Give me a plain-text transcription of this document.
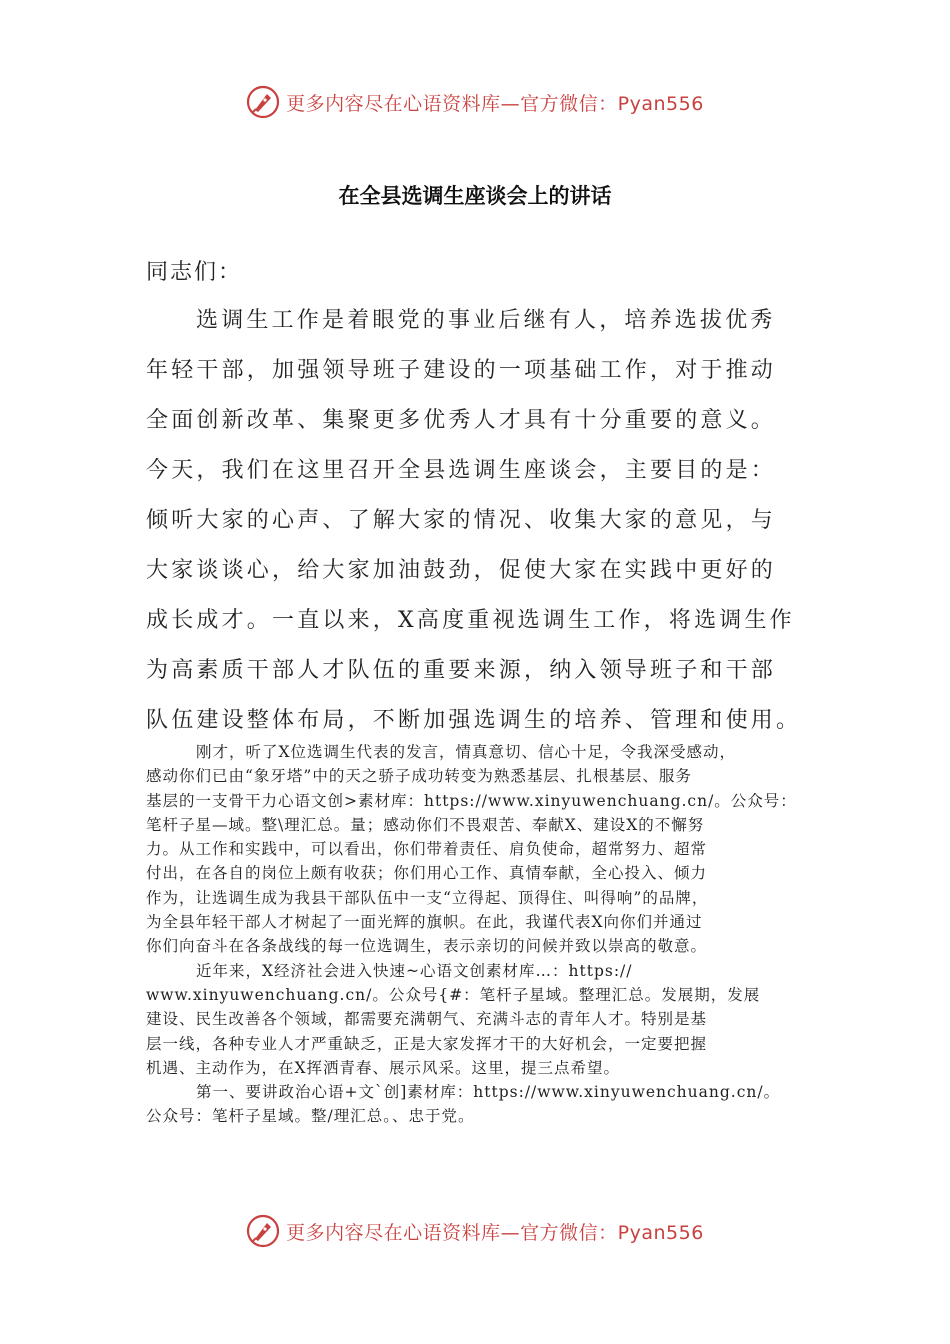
更多内容尽在心语资料库—官方微信：Pyan556
在全县选调生座谈会上的讲话
同志们：
选调生工作是着眼党的事业后继有人，培养选拔优秀
年轻干部，加强领导班子建设的一项基础工作，对于推动
全面创新改革、集聚更多优秀人才具有十分重要的意义。
今天，我们在这里召开全县选调生座谈会，主要目的是：
倾听大家的心声、了解大家的情况、收集大家的意见，与
大家谈谈心，给大家加油鼓劲，促使大家在实践中更好的
成长成才。一直以来，X高度重视选调生工作，将选调生作
为高素质干部人才队伍的重要来源，纳入领导班子和干部
队伍建设整体布局，不断加强选调生的培养、管理和使用。
刚才，听了X位选调生代表的发言，情真意切、信心十足，令我深受感动，
感动你们已由“象牙塔”中的天之骄子成功转变为熟悉基层、扎根基层、服务
基层的一支骨干力心语文创>素材库：https://www.xinyuwenchuang.cn/。公众号：
笔杆子星—域。整\理汇总。量；感动你们不畏艰苦、奉献X、建设X的不懈努
力。从工作和实践中，可以看出，你们带着责任、肩负使命，超常努力、超常
付出，在各自的岗位上颇有收获；你们用心工作、真情奉献，全心投入、倾力
作为，让选调生成为我县干部队伍中一支“立得起、顶得住、叫得响”的品牌，
为全县年轻干部人才树起了一面光辉的旗帜。在此，我谨代表X向你们并通过
你们向奋斗在各条战线的每一位选调生，表示亲切的问候并致以崇高的敬意。
近年来，X经济社会进入快速~心语文创素材库…：https://
www.xinyuwenchuang.cn/。公众号{#：笔杆子星域。整理汇总。发展期，发展
建设、民生改善各个领域，都需要充满朝气、充满斗志的青年人才。特别是基
层一线，各种专业人才严重缺乏，正是大家发挥才干的大好机会，一定要把握
机遇、主动作为，在X挥洒青春、展示风采。这里，提三点希望。
第一、要讲政治心语+文`创]素材库：https://www.xinyuwenchuang.cn/。
公众号：笔杆子星域。整/理汇总。、忠于党。
更多内容尽在心语资料库—官方微信：Pyan556
